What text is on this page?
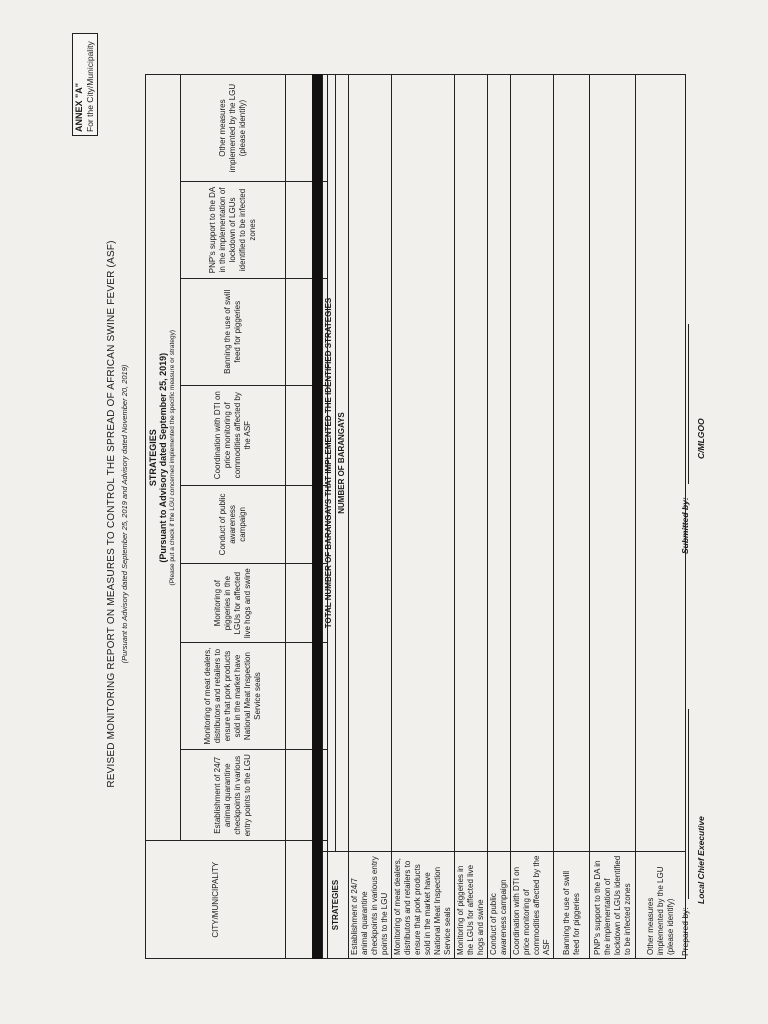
ANNEX "A" For the City/Municipality
REVISED MONITORING REPORT ON MEASURES TO CONTROL THE SPREAD OF AFRICAN SWINE FEVER (ASF) (Pursuant to Advisory dated September 25, 2019 and Advisory dated November 20, 2019)
CITY/MUNICIPALITY	STRATEGIES (Pursuant to Advisory dated September 25, 2019) (Please put a check if the LGU concerned implemented the specific measure or strategy)							

	Establishment of 24/7 animal quarantine checkpoints in various entry points to the LGU	Monitoring of meat dealers, distributors and retailers to ensure that pork products sold in the market have National Meat Inspection Service seals	Monitoring of piggeries in the LGUs for affected live hogs and swine	Conduct of public awareness campaign	Coordination with DTI on price monitoring of commodities affected by the ASF	Banning the use of swill feed for piggeries	PNP's support to the DA in the implementation of lockdown of LGUs identified to be infected zones	Other measures implemented by the LGU (please identify)

STRATEGIES	TOTAL NUMBER OF BARANGAYS THAT IMPLEMENTED THE IDENTIFIED STRATEGIES
	NUMBER OF BARANGAYS
Establishment of 24/7 animal quarantine checkpoints in various entry points to the LGU	
Monitoring of meat dealers, distributors and retailers to ensure that pork products sold in the market have National Meat Inspection Service seals	
Monitoring of piggeries in the LGUs for affected live hogs and swine	
Conduct of public awareness campaign	
Coordination with DTI on price monitoring of commodities affected by the ASF	
Banning the use of swill feed for piggeries	
PNP's support to the DA in the implementation of lockdown of LGUs identified to be infected zones	
Other measures implemented by the LGU (please identify)	Prepared by:
Local Chief Executive
Submitted by:
C/MLGOO
